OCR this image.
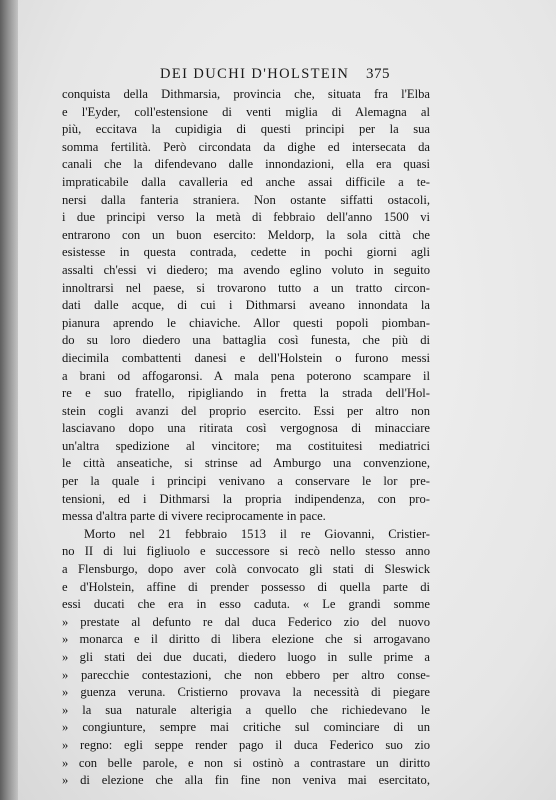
DEI DUCHI D'HOLSTEIN 375
conquista della Dithmarsia, provincia che, situata fra l'Elba
e l'Eyder, coll'estensione di venti miglia di Alemagna al
più, eccitava la cupidigia di questi principi per la sua
somma fertilità. Però circondata da dighe ed intersecata da
canali che la difendevano dalle innondazioni, ella era quasi
impraticabile dalla cavalleria ed anche assai difficile a te-
nersi dalla fanteria straniera. Non ostante siffatti ostacoli,
i due principi verso la metà di febbraio dell'anno 1500 vi
entrarono con un buon esercito: Meldorp, la sola città che
esistesse in questa contrada, cedette in pochi giorni agli
assalti ch'essi vi diedero; ma avendo eglino voluto in seguito
innoltrarsi nel paese, si trovarono tutto a un tratto circon-
dati dalle acque, di cui i Dithmarsi aveano innondata la
pianura aprendo le chiaviche. Allor questi popoli piomban-
do su loro diedero una battaglia così funesta, che più di
diecimila combattenti danesi e dell'Holstein o furono messi
a brani od affogaronsi. A mala pena poterono scampare il
re e suo fratello, ripigliando in fretta la strada dell'Hol-
stein cogli avanzi del proprio esercito. Essi per altro non
lasciavano dopo una ritirata così vergognosa di minacciare
un'altra spedizione al vincitore; ma costituitesi mediatrici
le città anseatiche, si strinse ad Amburgo una convenzione,
per la quale i principi venivano a conservare le lor pre-
tensioni, ed i Dithmarsi la propria indipendenza, con pro-
messa d'altra parte di vivere reciprocamente in pace.
Morto nel 21 febbraio 1513 il re Giovanni, Cristier-
no II di lui figliuolo e successore si recò nello stesso anno
a Flensburgo, dopo aver colà convocato gli stati di Sleswick
e d'Holstein, affine di prender possesso di quella parte di
essi ducati che era in esso caduta. « Le grandi somme
» prestate al defunto re dal duca Federico zio del nuovo
» monarca e il diritto di libera elezione che si arrogavano
» gli stati dei due ducati, diedero luogo in sulle prime a
» parecchie contestazioni, che non ebbero per altro conse-
» guenza veruna. Cristierno provava la necessità di piegare
» la sua naturale alterigia a quello che richiedevano le
» congiunture, sempre mai critiche sul cominciare di un
» regno: egli seppe render pago il duca Federico suo zio
» con belle parole, e non si ostinò a contrastare un diritto
» di elezione che alla fin fine non veniva mai esercitato,
